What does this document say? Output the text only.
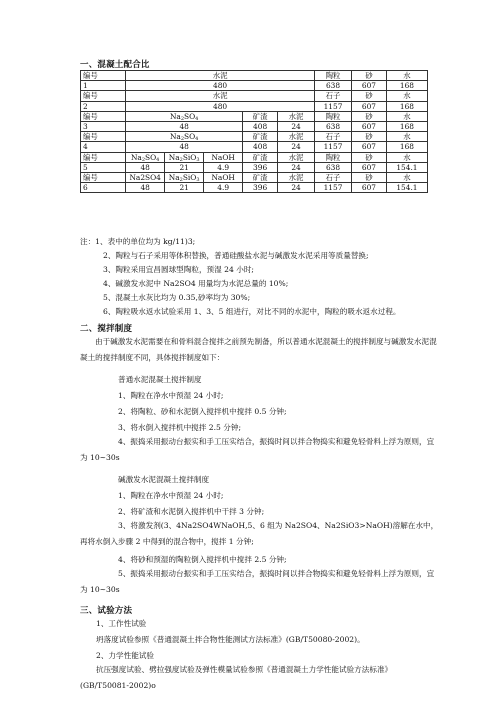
一、混凝土配合比
编号	水泥					陶粒	砂	水
1	480					638	607	168
编号	水泥					石子	砂	水
2	480					1157	607	168
编号	$Na_2SO_4$			矿渣	水泥	陶粒	砂	水
3	48			408	24	638	607	168
编号	$Na_2SO_4$			矿渣	水泥	石子	砂	水
4	48			408	24	1157	607	168
编号	$Na_2SO_4$	$Na_2SiO_3$	NaOH	矿渣	水泥	陶粒	砂	水
5	48	21	4.9	396	24	638	607	154.1
编号	Na2SO4	$Na_2SiO_3$	NaOH	矿渣	水泥	石子	砂	水
6	48	21	4.9	396	24	1157	607	154.1
注：1、表中的单位均为 kg/11)3;
2、陶粒与石子采用等体积替换，普通硅酸盐水泥与碱激发水泥采用等质量替换;
3、陶粒采用宜昌圆球型陶粒，预湿 24 小时;
4、碱激发水泥中 Na2SO4 用量均为水泥总量的 10%;
5、混凝土水灰比均为 0.35,砂率均为 30%;
6、陶粒吸水返水试验采用 1、3、5 组进行，对比不同的水泥中，陶粒的吸水返水过程。
二、搅拌制度
由于碱激发水泥需要在和骨料混合搅拌之前预先制备，所以普通水泥混凝土的搅拌制度与碱激发水泥混凝土的搅拌制度不同，具体搅拌制度如下：
普通水泥混凝土搅拌制度
1、陶粒在净水中预湿 24 小时;
2、将陶粒、砂和水泥倒入搅拌机中搅拌 0.5 分钟;
3、将水倒入搅拌机中搅拌 2.5 分钟;
4、振捣采用振动台振实和手工压实结合，振捣时间以拌合物捣实和避免轻骨料上浮为原则，宜为 10~30s
碱激发水泥混凝土搅拌制度
1、陶粒在净水中预湿 24 小时;
2、将矿渣和水泥倒入搅拌机中干拌 3 分钟;
3、将激发剂(3、4Na2SO4WNaOH,5、6 组为 Na2SO4、Na2SiO3>NaOH)溶解在水中，再将水倒入步骤 2 中得到的混合物中，搅拌 1 分钟;
4、将砂和预湿的陶粒倒入搅拌机中搅拌 2.5 分钟;
5、振捣采用振动台振实和手工压实结合，振捣时间以拌合物捣实和避免轻骨料上浮为原则，宜为 10~30s
三、试验方法
1、工作性试验
坍落度试验参照《普通混凝土拌合物性能测试方法标准》(GB/T50080-2002)。
2、力学性能试验
抗压强度试验、劈拉强度试验及弹性模量试验参照《普通混凝土力学性能试验方法标准》(GB/T50081-2002)o
